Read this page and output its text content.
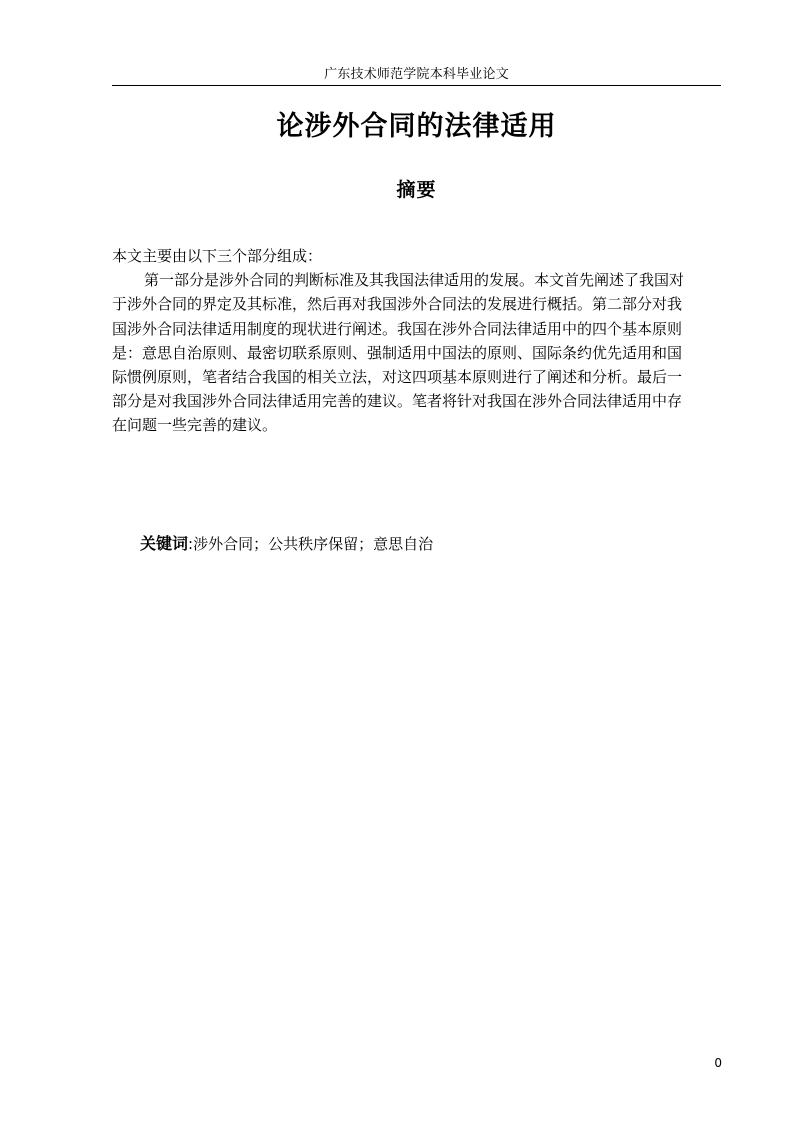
广东技术师范学院本科毕业论文
论涉外合同的法律适用
摘要
本文主要由以下三个部分组成：
第一部分是涉外合同的判断标准及其我国法律适用的发展。本文首先阐述了我国对
于涉外合同的界定及其标准，然后再对我国涉外合同法的发展进行概括。第二部分对我
国涉外合同法律适用制度的现状进行阐述。我国在涉外合同法律适用中的四个基本原则
是：意思自治原则、最密切联系原则、强制适用中国法的原则、国际条约优先适用和国
际惯例原则，笔者结合我国的相关立法，对这四项基本原则进行了阐述和分析。最后一
部分是对我国涉外合同法律适用完善的建议。笔者将针对我国在涉外合同法律适用中存
在问题一些完善的建议。
关键词:涉外合同；公共秩序保留；意思自治
0
